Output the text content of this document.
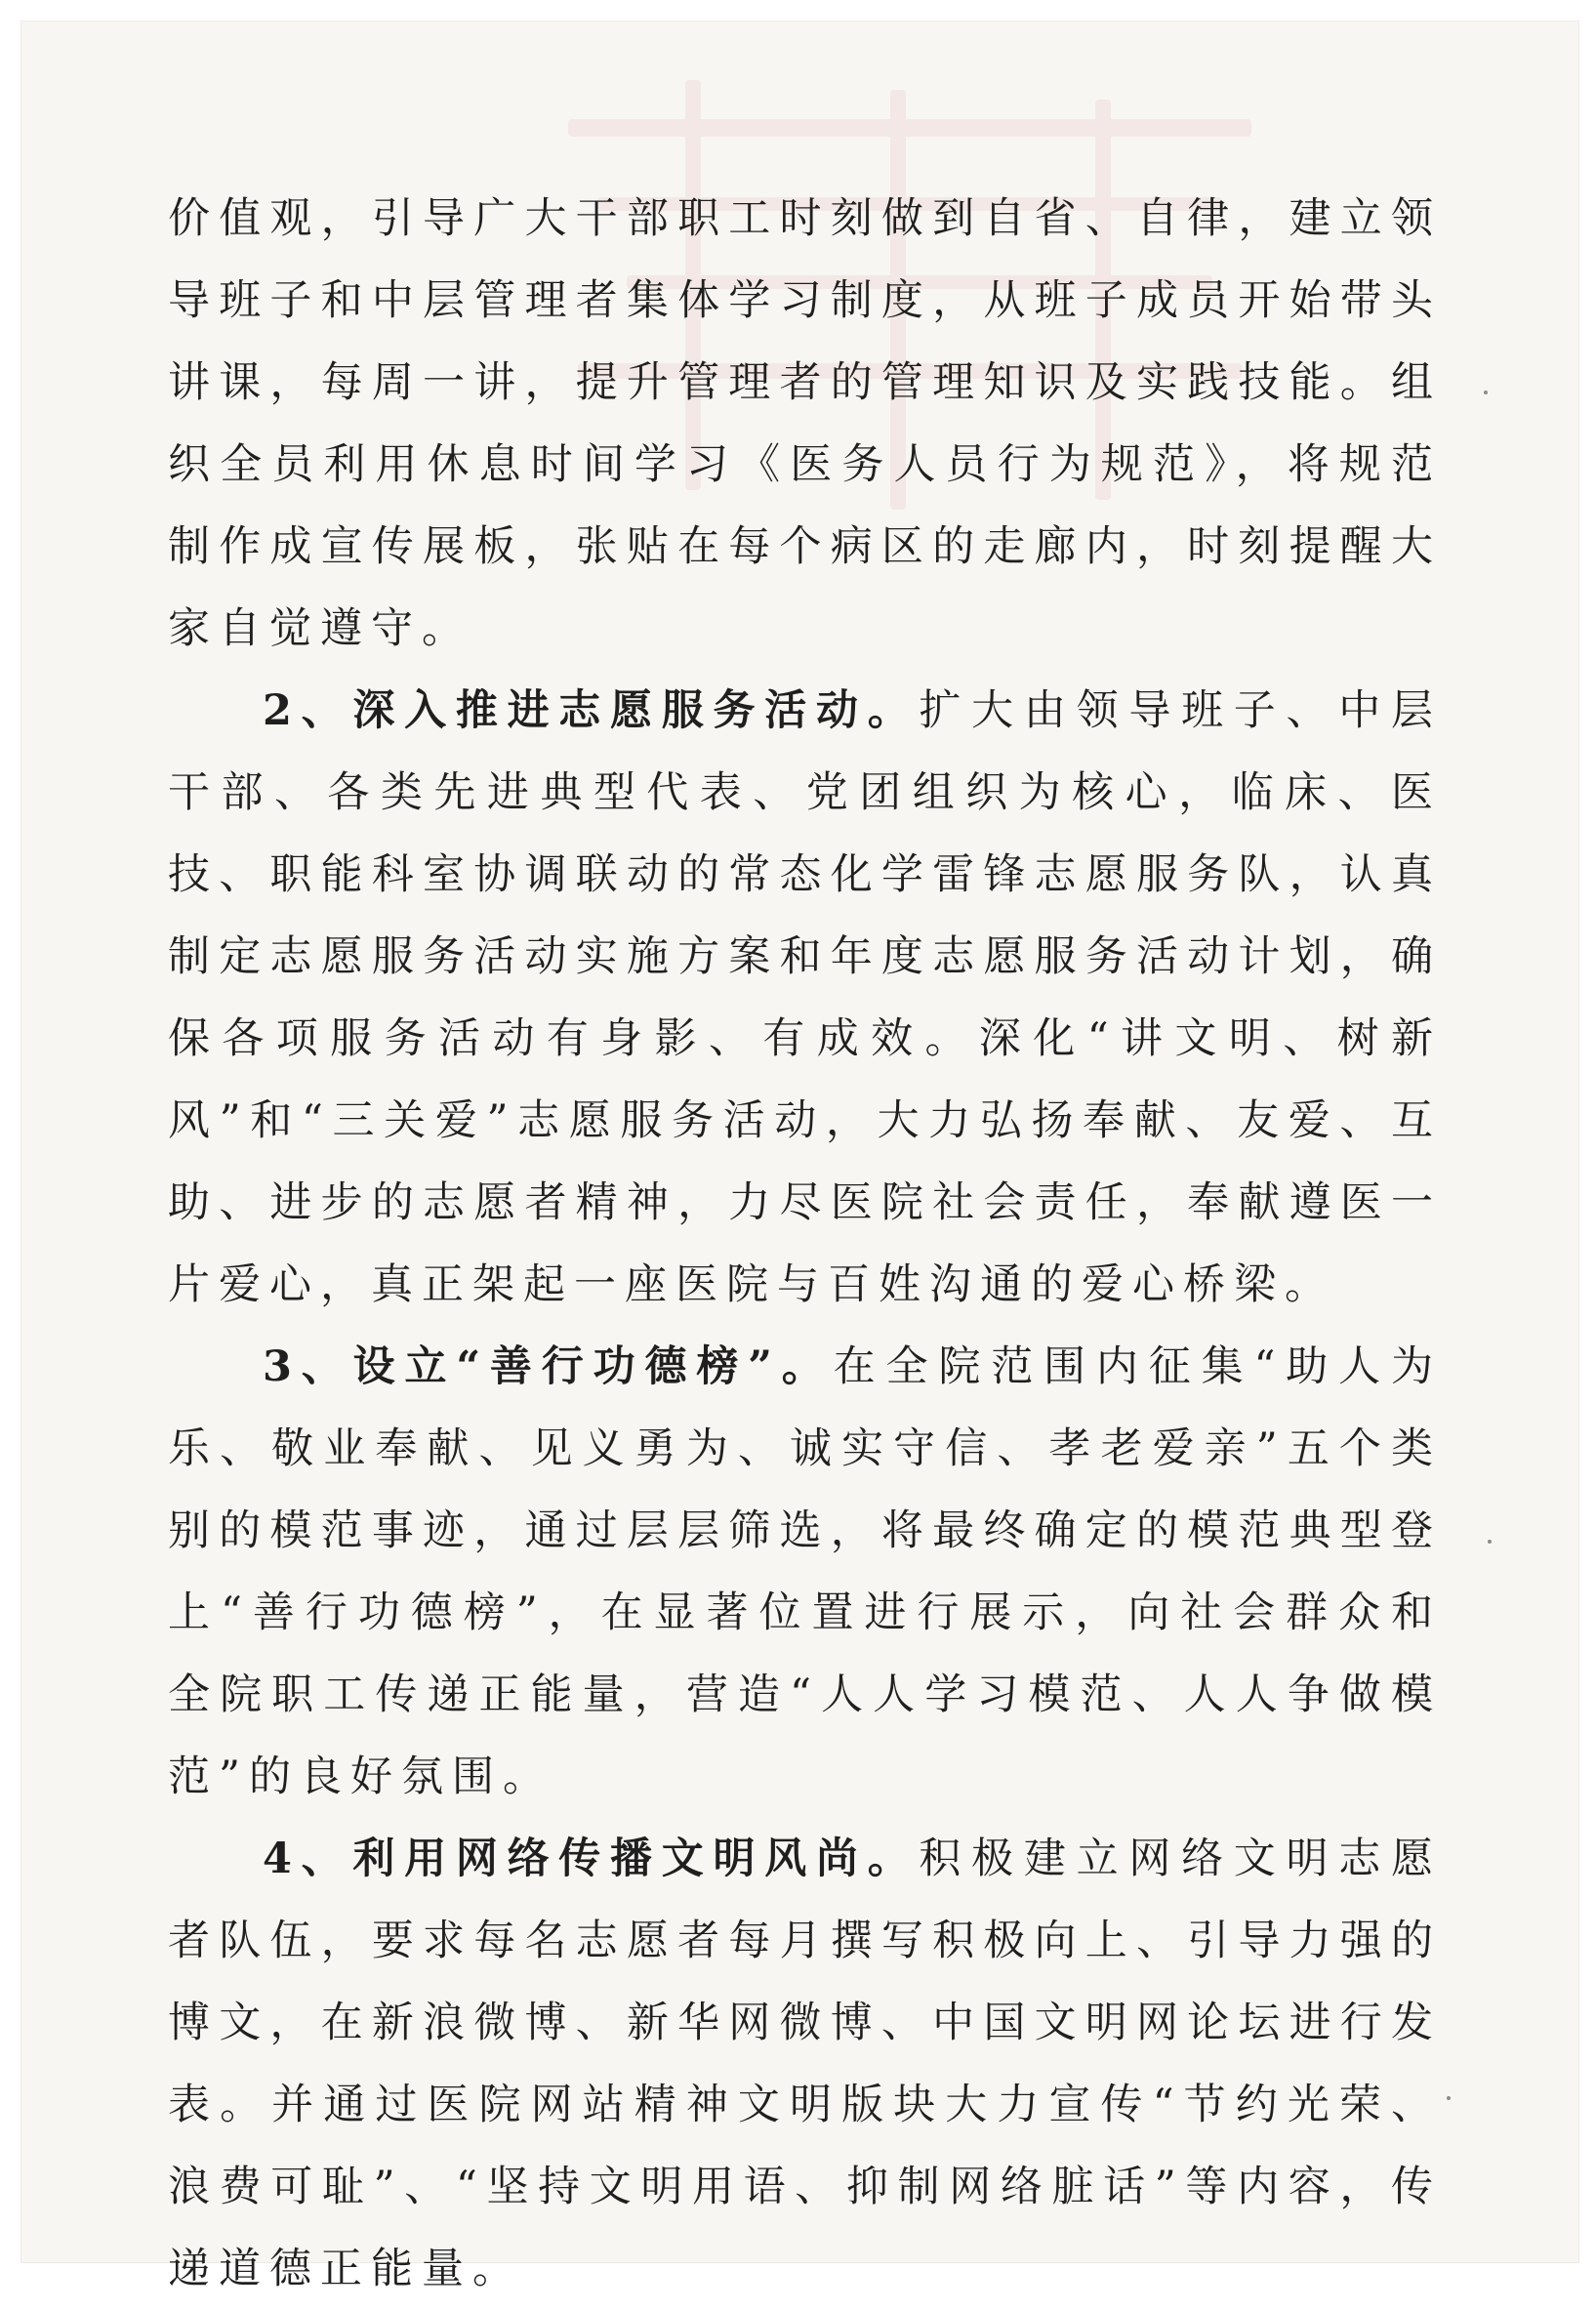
价值观，引导广大干部职工时刻做到自省、自律，建立领导班子和中层管理者集体学习制度，从班子成员开始带头讲课，每周一讲，提升管理者的管理知识及实践技能。组织全员利用休息时间学习《医务人员行为规范》，将规范制作成宣传展板，张贴在每个病区的走廊内，时刻提醒大家自觉遵守。

2、深入推进志愿服务活动。扩大由领导班子、中层干部、各类先进典型代表、党团组织为核心，临床、医技、职能科室协调联动的常态化学雷锋志愿服务队，认真制定志愿服务活动实施方案和年度志愿服务活动计划，确保各项服务活动有身影、有成效。深化“讲文明、树新风”和“三关爱”志愿服务活动，大力弘扬奉献、友爱、互助、进步的志愿者精神，力尽医院社会责任，奉献遵医一片爱心，真正架起一座医院与百姓沟通的爱心桥梁。

3、设立“善行功德榜”。在全院范围内征集“助人为乐、敬业奉献、见义勇为、诚实守信、孝老爱亲”五个类别的模范事迹，通过层层筛选，将最终确定的模范典型登上“善行功德榜”，在显著位置进行展示，向社会群众和全院职工传递正能量，营造“人人学习模范、人人争做模范”的良好氛围。

4、利用网络传播文明风尚。积极建立网络文明志愿者队伍，要求每名志愿者每月撰写积极向上、引导力强的博文，在新浪微博、新华网微博、中国文明网论坛进行发表。并通过医院网站精神文明版块大力宣传“节约光荣、浪费可耻”、“坚持文明用语、抑制网络脏话”等内容，传递道德正能量。
